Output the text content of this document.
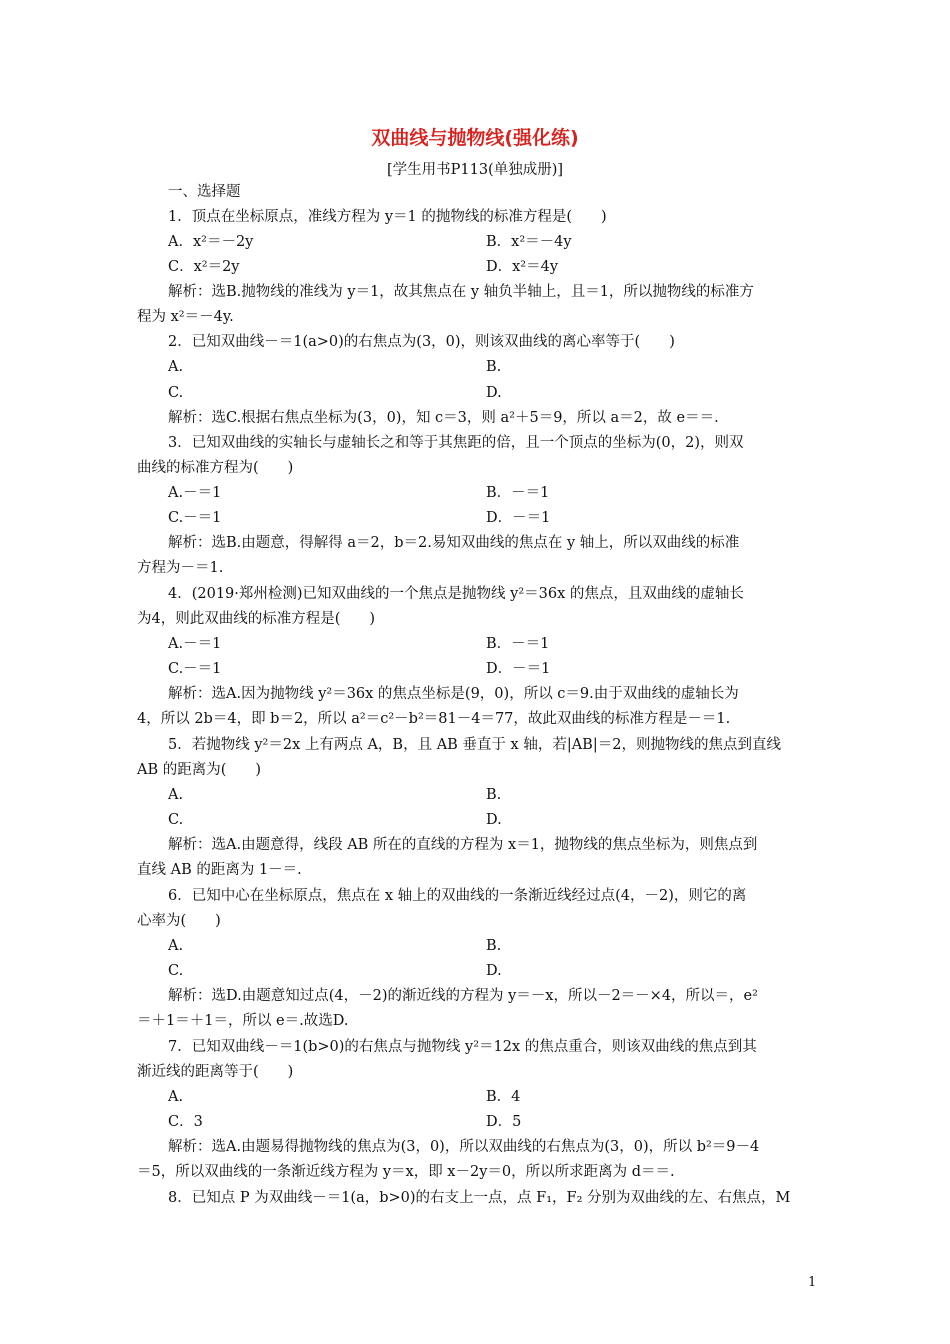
双曲线与抛物线(强化练)
[学生用书P113(单独成册)]
一、选择题
1．顶点在坐标原点，准线方程为 y＝1 的抛物线的标准方程是(　　)
解析：选B.抛物线的准线为 y＝1，故其焦点在 y 轴负半轴上，且＝1，所以抛物线的标准方
程为 x²＝－4y.
2．已知双曲线－＝1(a>0)的右焦点为(3，0)，则该双曲线的离心率等于(　　)
解析：选C.根据右焦点坐标为(3，0)，知 c＝3，则 a²＋5＝9，所以 a＝2，故 e＝＝.
3．已知双曲线的实轴长与虚轴长之和等于其焦距的倍，且一个顶点的坐标为(0，2)，则双
曲线的标准方程为(　　)
解析：选B.由题意，得解得 a＝2，b＝2.易知双曲线的焦点在 y 轴上，所以双曲线的标准
方程为－＝1.
4．(2019·郑州检测)已知双曲线的一个焦点是抛物线 y²＝36x 的焦点，且双曲线的虚轴长
为4，则此双曲线的标准方程是(　　)
解析：选A.因为抛物线 y²＝36x 的焦点坐标是(9，0)，所以 c＝9.由于双曲线的虚轴长为
4，所以 2b＝4，即 b＝2，所以 a²＝c²－b²＝81－4＝77，故此双曲线的标准方程是－＝1.
5．若抛物线 y²＝2x 上有两点 A，B，且 AB 垂直于 x 轴，若|AB|＝2，则抛物线的焦点到直线
AB 的距离为(　　)
解析：选A.由题意得，线段 AB 所在的直线的方程为 x＝1，抛物线的焦点坐标为，则焦点到
直线 AB 的距离为 1－＝.
6．已知中心在坐标原点，焦点在 x 轴上的双曲线的一条渐近线经过点(4，－2)，则它的离
心率为(　　)
解析：选D.由题意知过点(4，－2)的渐近线的方程为 y＝－x，所以－2＝－×4，所以＝，e²
＝＋1＝＋1＝，所以 e＝.故选D.
7．已知双曲线－＝1(b>0)的右焦点与抛物线 y²＝12x 的焦点重合，则该双曲线的焦点到其
渐近线的距离等于(　　)
解析：选A.由题易得抛物线的焦点为(3，0)，所以双曲线的右焦点为(3，0)，所以 b²＝9－4
＝5，所以双曲线的一条渐近线方程为 y＝x，即 x－2y＝0，所以所求距离为 d＝＝.
8．已知点 P 为双曲线－＝1(a，b>0)的右支上一点，点 F₁，F₂ 分别为双曲线的左、右焦点，M
A．x²＝－2y	B．x²＝－4y
C．x²＝2y	D．x²＝4y
A.	B.
C.	D.
A.－＝1	B．－＝1
C.－＝1	D．－＝1
A.－＝1	B．－＝1
C.－＝1	D．－＝1
A.	B.
C.	D.
A.	B.
C.	D.
A.	B．4
C．3	D．5
1
